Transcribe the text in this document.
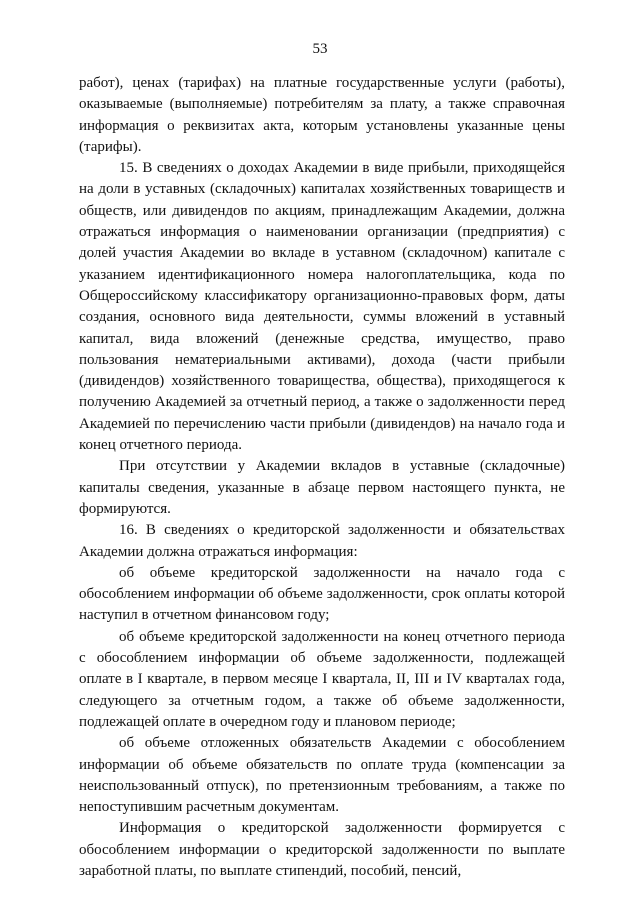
53

работ), ценах (тарифах) на платные государственные услуги (работы), оказываемые (выполняемые) потребителям за плату, а также справочная информация о реквизитах акта, которым установлены указанные цены (тарифы).

15. В сведениях о доходах Академии в виде прибыли, приходящейся на доли в уставных (складочных) капиталах хозяйственных товариществ и обществ, или дивидендов по акциям, принадлежащим Академии, должна отражаться информация о наименовании организации (предприятия) с долей участия Академии во вкладе в уставном (складочном) капитале с указанием идентификационного номера налогоплательщика, кода по Общероссийскому классификатору организационно-правовых форм, даты создания, основного вида деятельности, суммы вложений в уставный капитал, вида вложений (денежные средства, имущество, право пользования нематериальными активами), дохода (части прибыли (дивидендов) хозяйственного товарищества, общества), приходящегося к получению Академией за отчетный период, а также о задолженности перед Академией по перечислению части прибыли (дивидендов) на начало года и конец отчетного периода.

При отсутствии у Академии вкладов в уставные (складочные) капиталы сведения, указанные в абзаце первом настоящего пункта, не формируются.

16. В сведениях о кредиторской задолженности и обязательствах Академии должна отражаться информация:

об объеме кредиторской задолженности на начало года с обособлением информации об объеме задолженности, срок оплаты которой наступил в отчетном финансовом году;

об объеме кредиторской задолженности на конец отчетного периода с обособлением информации об объеме задолженности, подлежащей оплате в I квартале, в первом месяце I квартала, II, III и IV кварталах года, следующего за отчетным годом, а также об объеме задолженности, подлежащей оплате в очередном году и плановом периоде;

об объеме отложенных обязательств Академии с обособлением информации об объеме обязательств по оплате труда (компенсации за неиспользованный отпуск), по претензионным требованиям, а также по непоступившим расчетным документам.

Информация о кредиторской задолженности формируется с обособлением информации о кредиторской задолженности по выплате заработной платы, по выплате стипендий, пособий, пенсий,
